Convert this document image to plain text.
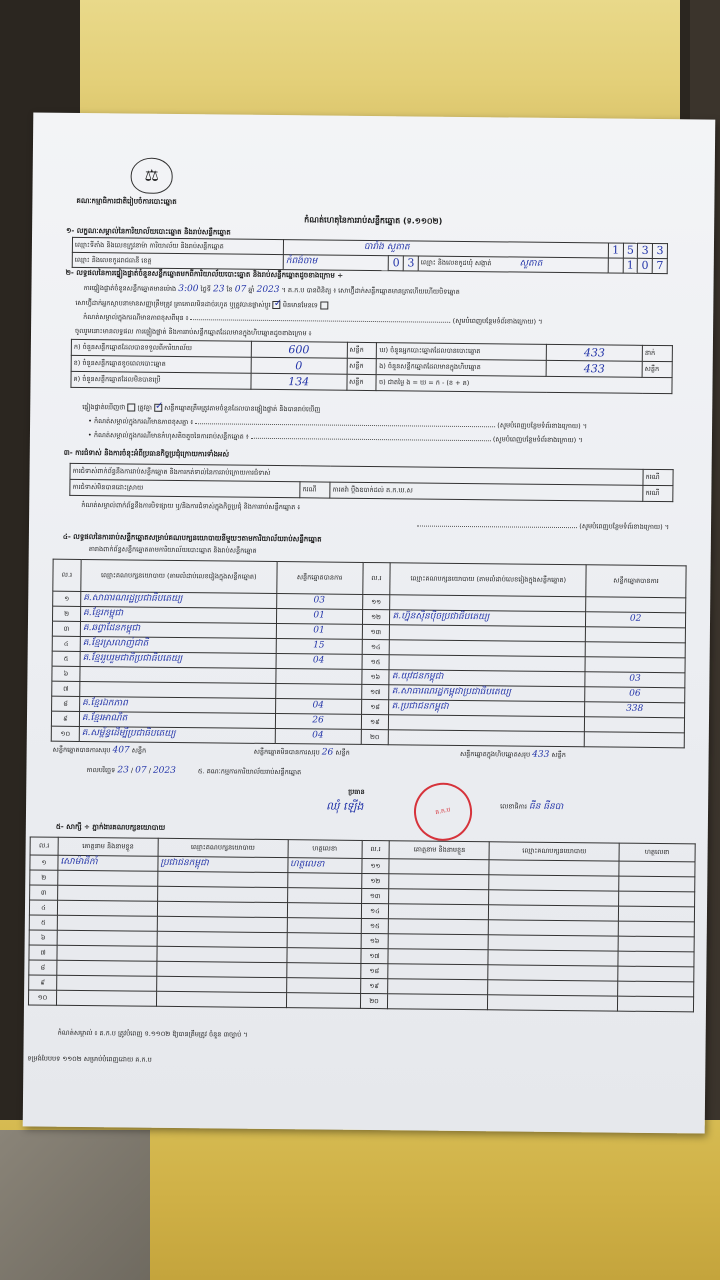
⚖
គណៈកម្មាធិការជាតិរៀបចំការបោះឆ្នោត
កំណត់ហេតុនៃការរាប់សន្លឹកឆ្នោត (ទ.១១០២)
១- លក្ខណៈសម្គាល់នៃការិយាល័យបោះឆ្នោត និងរាប់សន្លឹកឆ្នោត
ឈ្មោះទីតាំង និងលេខក្រូវនាម៉ា ការិយាល័យ និងរាប់សន្លឹកឆ្នោត	បារាំង សួតាត				1	5	3	3
ឈ្មោះ និងលេខកូដរាជធានី ខេត្ត	កំពង់ចាម	0	3	ឈ្មោះ និងលេខកូដឃុំ សង្កាត់ សួតាត		1	0	7
២- លទ្ធផលនៃការផ្ទៀងផ្ទាត់ចំនួនសន្លឹកឆ្នោតមកពីការិយាល័យបោះឆ្នោត និងរាប់សន្លឹកឆ្នោតដូចខាងក្រោម ÷
ការផ្ទៀងផ្ទាត់ចំនួនសន្លឹកឆ្នោតមានម៉ោង 3:00 ថ្ងៃទី 23 ខែ 07 ឆ្នាំ 2023 ។ គ.ក.ប បានពិនិត្យ ៖ សោហ្វ៊ីដាក់សន្លឹកឆ្នោតមានត្រាហើយហើយបិទឆ្នោត
សោហ្វ៊ីដាក់អ្នកស្ថាបនាមានសញ្ញាត្រឹមត្រូវ ត្រាគោលមិនដាច់រហូត ឬត្រូវបានផ្លាស់ប្តូរ ✓ មិនមានមែនទេ
កំណត់សម្គាល់ក្នុងករណីមានភាពខុសពីមុន ៖	(សូមបំពេញបន្ថែមទំព័រខាងក្រោយ) ។
ចូលរួមនោះមានលទ្ធផល ការផ្ទៀងផ្ទាត់ និងការរាប់សន្លឹកឆ្នោតដែលមានក្នុងហិបឆ្នោតដូចខាងក្រោម ៖
ក) ចំនួនសន្លឹកឆ្នោតដែលបានទទួលពីការិយាល័យ	600	សន្លឹក	ឃ) ចំនួនអ្នកបោះឆ្នោតដែលបានបោះឆ្នោត	433	នាក់
ខ) ចំនួនសន្លឹកឆ្នោតខូចពេលបោះឆ្នោត	0	សន្លឹក	ង) ចំនួនសន្លឹកឆ្នោតដែលមានក្នុងហិបឆ្នោត	433	សន្លឹក
គ) ចំនួនសន្លឹកឆ្នោតដែលមិនបានប្រើ	134	សន្លឹក	ច) ជាតម្លៃ ង = ឃ = ក - (ខ + គ)		
ផ្ទៀងផ្ទាត់ឃើញថា ត្រូវគ្នា ✓ សន្លឹកឆ្នោតត្រឹមត្រូវតាមចំនួនដែលបានផ្ទៀងផ្ទាត់ និងបានរាប់ឃើញ
• កំណត់សម្គាល់ក្នុងករណីមានភាពខុសគ្នា ៖	(សូមបំពេញបន្ថែមទំព័រខាងក្រោយ) ។
• កំណត់សម្គាល់ក្នុងករណីមានកំហុសតិចតួចនៃការរាប់សន្លឹកឆ្នោត ៖	(សូមបំពេញបន្ថែមទំព័រខាងក្រោយ) ។
៣- ការជំទាស់ និងការចំនុះអំពីប្រធានកិច្ចប្រជុំក្រោយការទាំងអស់
ការជំទាស់ពាក់ព័ន្ធនឹងការរាប់សន្លឹកឆ្នោត និងការកត់ទាល់នៃការរាប់ក្រោយការជំទាស់			ករណី
ការជំទាស់មិនបានដោះស្រាយ	ករណី	ការតវ៉ា ប្តឹងឧបាក់ដល់ គ.ក.ឃ.ស	ករណី
កំណត់សម្គាល់ពាក់ព័ន្ធនឹងការបិទផ្សាយ ឬ/និងការជំទាស់ក្នុងកិច្ចប្រជុំ និងការរាប់សន្លឹកឆ្នោត ៖
(សូមបំពេញបន្ថែមទំព័រខាងក្រោយ) ។
៤- លទ្ធផលនៃការរាប់សន្លឹកឆ្នោតសម្រាប់គណបក្សនយោបាយនីមួយៗតាមការិយាល័យរាប់សន្លឹកឆ្នោត
តារាងពាក់ព័ន្ធសន្លឹកឆ្នោតតាមការិយាល័យបោះឆ្នោត និងរាប់សន្លឹកឆ្នោត
ល.រ	ឈ្មោះគណបក្សនយោបាយ (តាមលំដាប់លេខរៀងក្នុងសន្លឹកឆ្នោត)	សន្លឹកឆ្នោតបានការ	ល.រ	ឈ្មោះគណបក្សនយោបាយ (តាមលំដាប់លេខរៀងក្នុងសន្លឹកឆ្នោត)	សន្លឹកឆ្នោតបានការ
១	គ.សាធារណរដ្ឋប្រជាធិបតេយ្យ	03	១១		
២	គ.ខ្មែរកម្ពុជា	01	១២	គ.ហ្វ៊ុនស៊ិនប៉ិចប្រជាធិបតេយ្យ	02
៣	គ.ឆព្វាដែនកម្ពុជា	01	១៣		
៤	គ.ខ្មែរស្រលាញ់ជាតិ	15	១៤		
៥	គ.ខ្មែររួបរួមជាតិប្រជាធិបតេយ្យ	04	១៥		
៦			១៦	គ.យុវជនកម្ពុជា	03
៧			១៧	គ.សាធារណរដ្ឋកម្ពុជាប្រជាធិបតេយ្យ	06
៨	គ.ខ្មែរឯកភាព	04	១៨	គ.ប្រជាជនកម្ពុជា	338
៩	គ.ខ្មែរអាណិត	26	១៩		
១០	គ.សម្ព័ន្ធដើម្បីប្រជាធិបតេយ្យ	04	២០		
សន្លឹកឆ្នោតបានការសរុប 407 សន្លឹក	សន្លឹកឆ្នោតមិនបានការសរុប 26 សន្លឹក	សន្លឹកឆ្នោតក្នុងហិបឆ្នោតសរុប 433 សន្លឹក
កាលបរិច្ឆេទ 23 / 07 / 2023	៥. គណៈកម្មការការិយាល័យរាប់សន្លឹកឆ្នោត
ប្រធាន
ឈុំ ឡើង	គ.ក.ប
លេខាធិការ ធីន ធីនបា
៥- សាក្សី ÷ ភ្នាក់ងារគណបក្សនយោបាយ
ល.រ	គោត្តនាម និងនាមខ្លួន	ឈ្មោះគណបក្សនយោបាយ	ហត្ថលេខា	ល.រ	គោត្តនាម និងនាមខ្លួន	ឈ្មោះគណបក្សនយោបាយ	ហត្ថលេខា
១	សោម៉ាតិកាំ	ប្រជាជនកម្ពុជា	ហត្ថលេខា	១១			
២				១២			
៣				១៣			
៤				១៤			
៥				១៥			
៦				១៦			
៧				១៧			
៨				១៨			
៩				១៩			
១០				២០			
កំណត់សម្គាល់ ៖ គ.ក.ប ត្រូវបំពេញ ទ.១១០២ ឱ្យបានត្រឹមត្រូវ ចំនួន ៣ច្បាប់ ។
ទម្រង់បែបបទ ១១០២ សម្រាប់បំពេញដោយ គ.ក.ប
